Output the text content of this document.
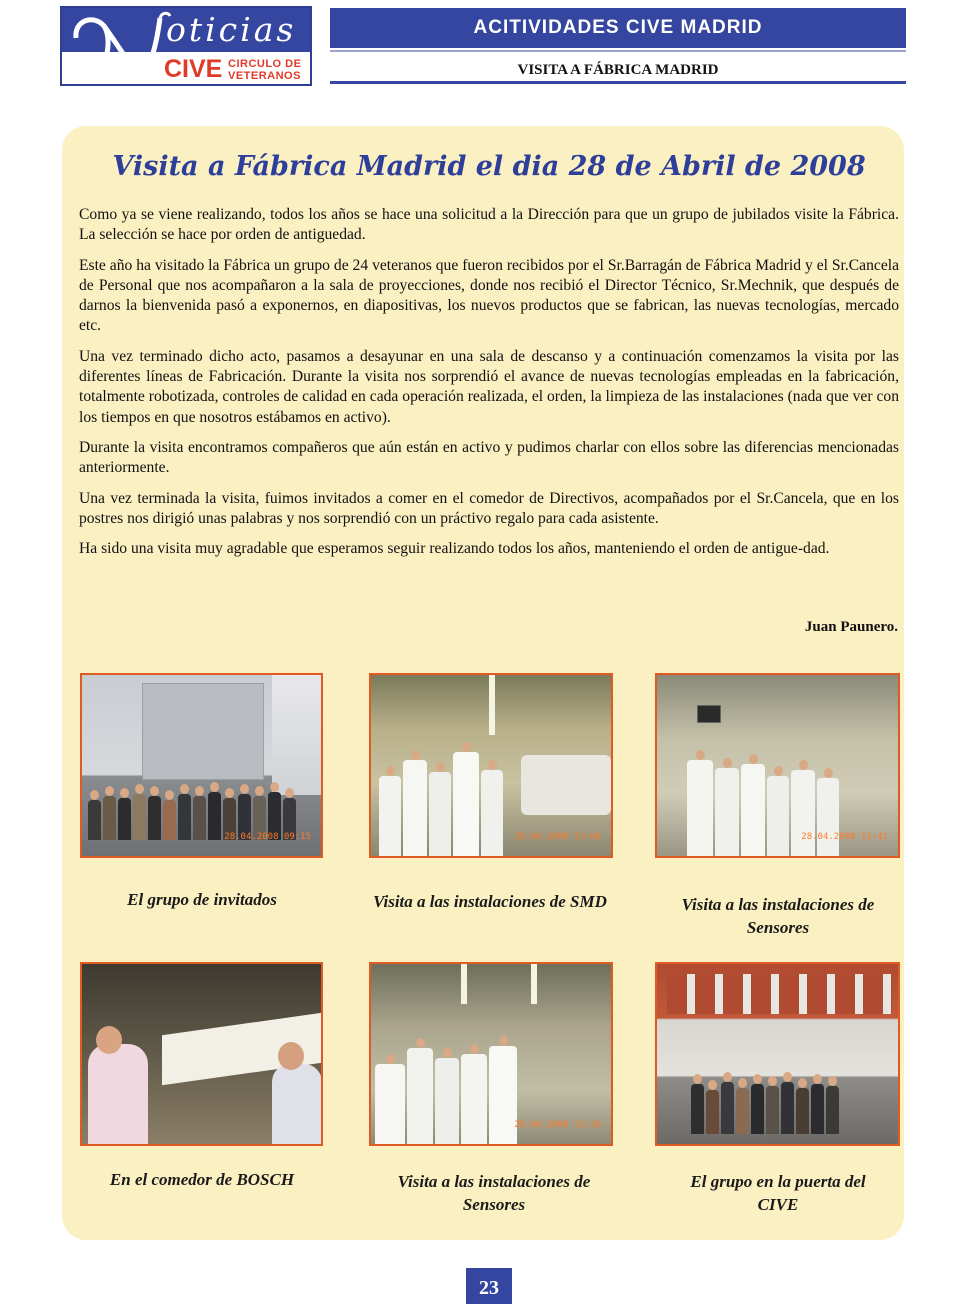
oticias
CIVE CIRCULO DE
VETERANOS
ACITIVIDADES CIVE MADRID
VISITA A FÁBRICA MADRID
Visita a Fábrica Madrid el dia 28 de Abril de 2008

Como ya se viene realizando, todos los años se hace una solicitud a la Dirección para que un grupo de jubilados visite la Fábrica. La selección se hace por orden de antiguedad.

Este año ha visitado la Fábrica un grupo de 24 veteranos que fueron recibidos por el Sr.Barragán de Fábrica Madrid y el Sr.Cancela de Personal que nos acompañaron a la sala de proyecciones, donde nos recibió el Director Técnico, Sr.Mechnik, que después de darnos la bienvenida pasó a exponernos, en diapositivas, los nuevos productos que se fabrican, las nuevas tecnologías, mercado etc.

Una vez terminado dicho acto, pasamos a desayunar en una sala de descanso y a continuación comenzamos la visita por las diferentes líneas de Fabricación. Durante la visita nos sorprendió el avance de nuevas tecnologías empleadas en la fabricación, totalmente robotizada, controles de calidad en cada operación realizada, el orden, la limpieza de las instalaciones (nada que ver con los tiempos en que nosotros estábamos en activo).

Durante la visita encontramos compañeros que aún están en activo y pudimos charlar con ellos sobre las diferencias mencionadas anteriormente.

Una vez terminada la visita, fuimos invitados a comer en el comedor de Directivos, acompañados por el Sr.Cancela, que en los postres nos dirigió unas palabras y nos sorprendió con un práctivo regalo para cada asistente.

Ha sido una visita muy agradable que esperamos seguir realizando todos los años, manteniendo el orden de antigue-dad.

Juan Paunero.
28.04.2008 09:15	28.04.2008 11:06	28.04.2008 11:41
El grupo de invitados	Visita a las instalaciones de SMD	Visita a las instalaciones de Sensores
28.04.2008 11:26
En el comedor de BOSCH	Visita a las instalaciones de Sensores
El grupo en la puerta del CIVE
23
